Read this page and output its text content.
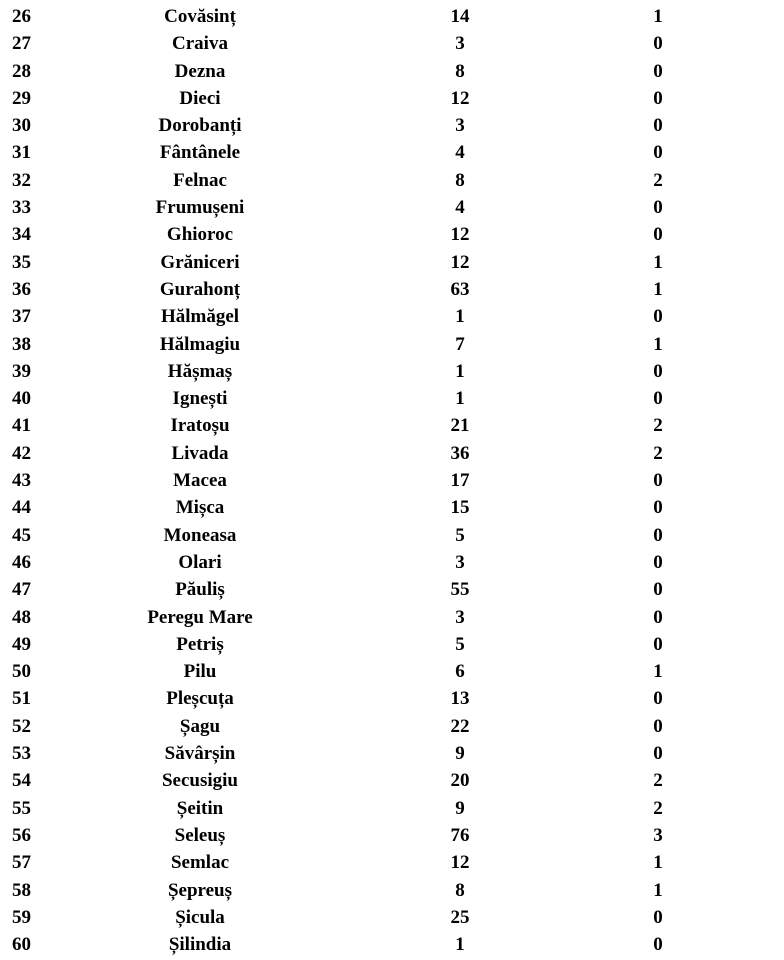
26	Covăsinț	14	1
27	Craiva	3	0
28	Dezna	8	0
29	Dieci	12	0
30	Dorobanți	3	0
31	Fântânele	4	0
32	Felnac	8	2
33	Frumușeni	4	0
34	Ghioroc	12	0
35	Grăniceri	12	1
36	Gurahonț	63	1
37	Hălmăgel	1	0
38	Hălmagiu	7	1
39	Hășmaș	1	0
40	Ignești	1	0
41	Iratoșu	21	2
42	Livada	36	2
43	Macea	17	0
44	Mișca	15	0
45	Moneasa	5	0
46	Olari	3	0
47	Păuliș	55	0
48	Peregu Mare	3	0
49	Petriș	5	0
50	Pilu	6	1
51	Pleșcuța	13	0
52	Șagu	22	0
53	Săvârșin	9	0
54	Secusigiu	20	2
55	Șeitin	9	2
56	Seleuș	76	3
57	Semlac	12	1
58	Șepreuș	8	1
59	Șicula	25	0
60	Șilindia	1	0
